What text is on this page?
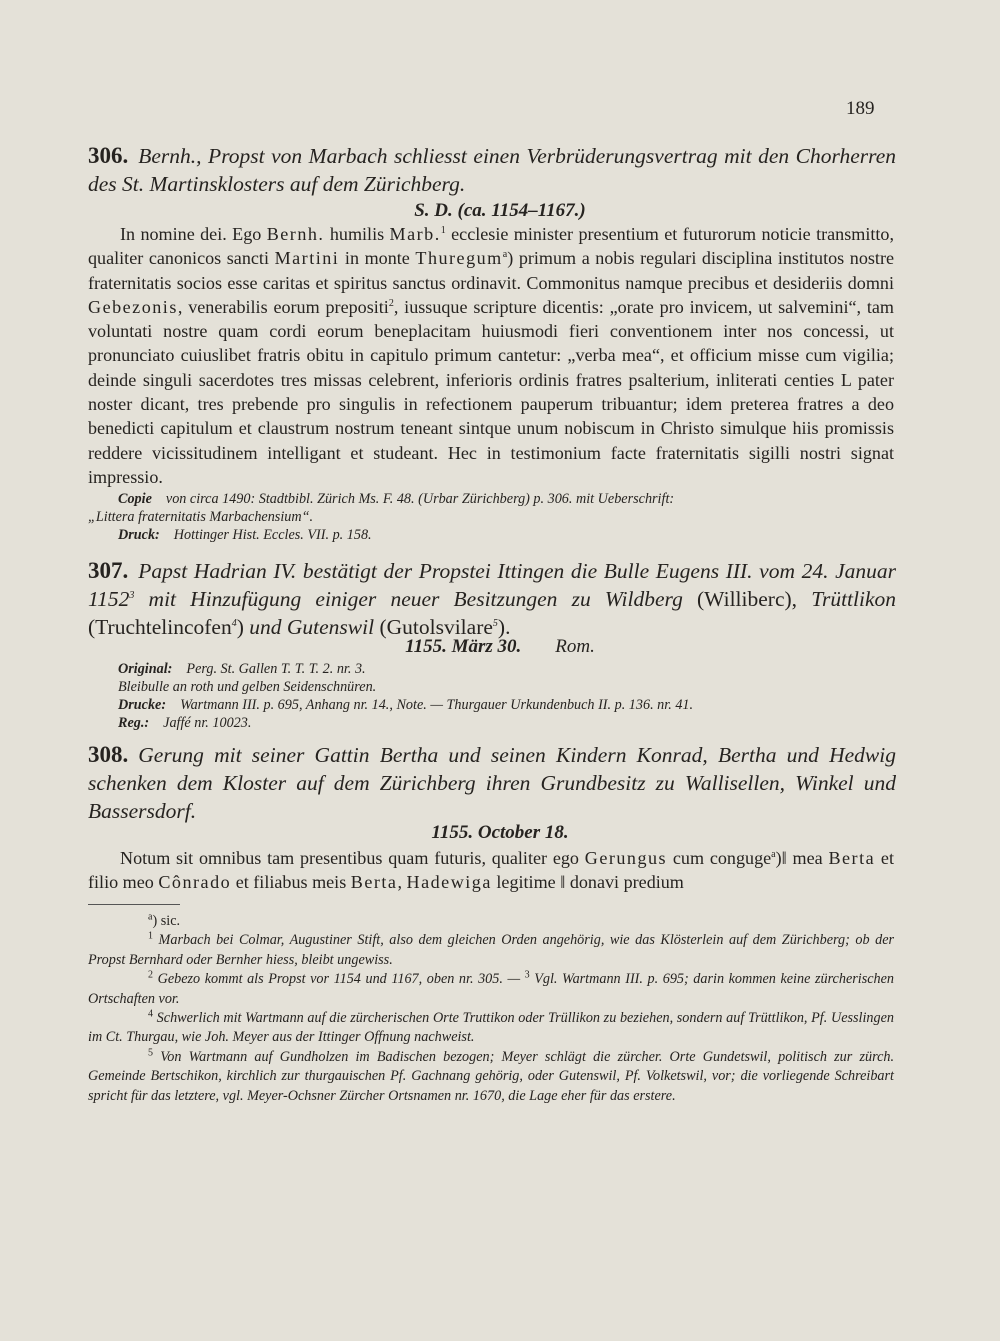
189
306. Bernh., Propst von Marbach schliesst einen Verbrüderungsvertrag mit den Chorherren des St. Martinsklosters auf dem Zürichberg.
S. D. (ca. 1154–1167.)

In nomine dei. Ego Bernh. humilis Marb.$^1$ ecclesie minister presentium et futurorum noticie transmitto, qualiter canonicos sancti Martini in monte Thuregum$^a$) primum a nobis regulari disciplina institutos nostre fraternitatis socios esse caritas et spiritus sanctus ordinavit. Commonitus namque precibus et desideriis domni Gebezonis, venerabilis eorum prepositi$^2$, iussuque scripture dicentis: „orate pro invicem, ut salvemini“, tam voluntati nostre quam cordi eorum beneplacitam huiusmodi fieri conventionem inter nos concessi, ut pronunciato cuiuslibet fratris obitu in capitulo primum cantetur: „verba mea“, et officium misse cum vigilia; deinde singuli sacerdotes tres missas celebrent, inferioris ordinis fratres psalterium, inliterati centies L pater noster dicant, tres prebende pro singulis in refectionem pauperum tribuantur; idem preterea fratres a deo benedicti capitulum et claustrum nostrum teneant sintque unum nobiscum in Christo simulque hiis promissis reddere vicissitudinem intelligant et studeant. Hec in testimonium facte fraternitatis sigilli nostri signat impressio.

Copie von circa 1490: Stadtbibl. Zürich Ms. F. 48. (Urbar Zürichberg) p. 306. mit Ueberschrift:
„Littera fraternitatis Marbachensium“.
Druck: Hottinger Hist. Eccles. VII. p. 158.
307. Papst Hadrian IV. bestätigt der Propstei Ittingen die Bulle Eugens III. vom 24. Januar 1152$^3$ mit Hinzufügung einiger neuer Besitzungen zu Wildberg (Williberc), Trüttlikon (Truchtelincofen$^4$) und Gutenswil (Gutolsvilare$^5$).
1155. März 30. Rom.
Original: Perg. St. Gallen T. T. T. 2. nr. 3.
Bleibulle an roth und gelben Seidenschnüren.
Drucke: Wartmann III. p. 695, Anhang nr. 14., Note. — Thurgauer Urkundenbuch II. p. 136. nr. 41.
Reg.: Jaffé nr. 10023.
308. Gerung mit seiner Gattin Bertha und seinen Kindern Konrad, Bertha und Hedwig schenken dem Kloster auf dem Zürichberg ihren Grundbesitz zu Wallisellen, Winkel und Bassersdorf.
1155. October 18.

Notum sit omnibus tam presentibus quam futuris, qualiter ego Gerungus cum conguge$^a$)‖ mea Berta et filio meo Cônrado et filiabus meis Berta, Hadewiga legitime ‖ donavi predium

$^a$) sic.
$^1$ Marbach bei Colmar, Augustiner Stift, also dem gleichen Orden angehörig, wie das Klösterlein auf dem Zürichberg; ob der Propst Bernhard oder Bernher hiess, bleibt ungewiss.
$^2$ Gebezo kommt als Propst vor 1154 und 1167, oben nr. 305. — $^3$ Vgl. Wartmann III. p. 695; darin kommen keine zürcherischen Ortschaften vor.
$^4$ Schwerlich mit Wartmann auf die zürcherischen Orte Truttikon oder Trüllikon zu beziehen, sondern auf Trüttlikon, Pf. Uesslingen im Ct. Thurgau, wie Joh. Meyer aus der Ittinger Offnung nachweist.
$^5$ Von Wartmann auf Gundholzen im Badischen bezogen; Meyer schlägt die zürcher. Orte Gundetswil, politisch zur zürch. Gemeinde Bertschikon, kirchlich zur thurgauischen Pf. Gachnang gehörig, oder Gutenswil, Pf. Volketswil, vor; die vorliegende Schreibart spricht für das letztere, vgl. Meyer-Ochsner Zürcher Ortsnamen nr. 1670, die Lage eher für das erstere.
